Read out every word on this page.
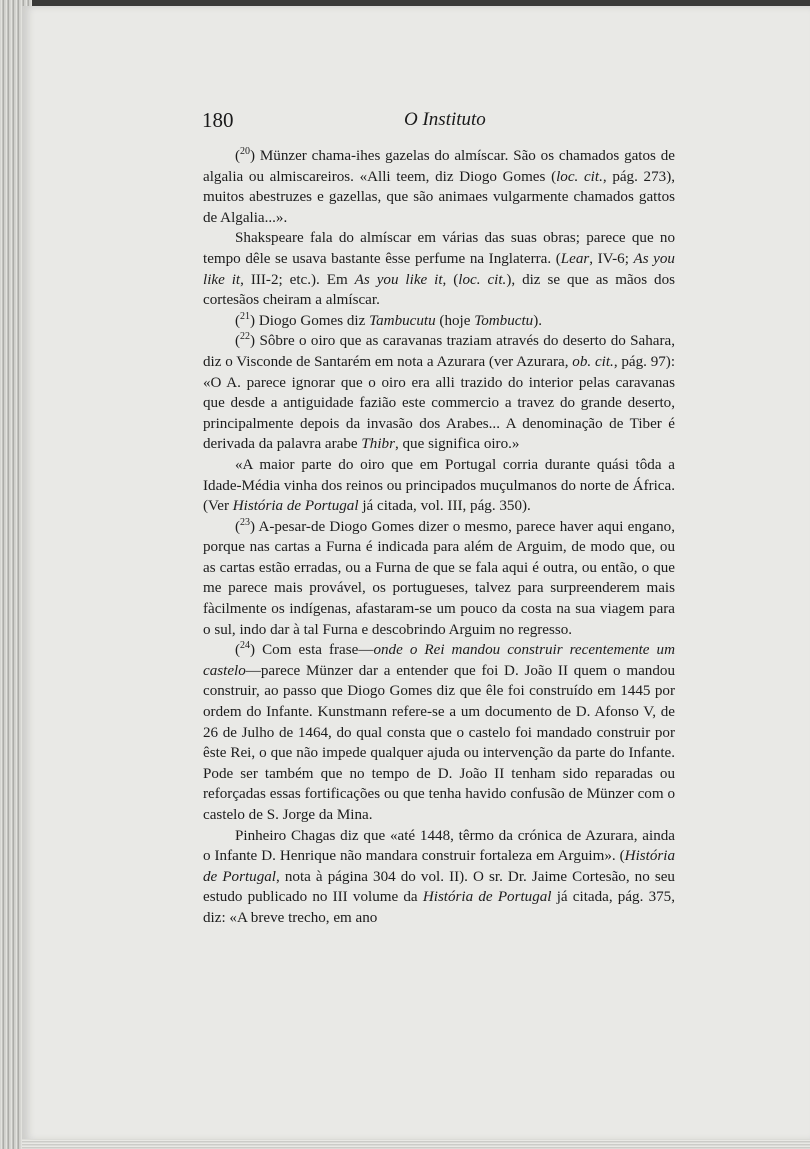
180	O Instituto

($^{20}$) Münzer chama-ihes gazelas do almíscar. São os chamados gatos de algalia ou almiscareiros. «Alli teem, diz Diogo Gomes (loc. cit., pág. 273), muitos abestruzes e gazellas, que são animaes vulgarmente chamados gattos de Algalia...».

Shakspeare fala do almíscar em várias das suas obras; parece que no tempo dêle se usava bastante êsse perfume na Inglaterra. (Lear, IV-6; As you like it, III-2; etc.). Em As you like it, (loc. cit.), diz se que as mãos dos cortesãos cheiram a almíscar.

($^{21}$) Diogo Gomes diz Tambucutu (hoje Tombuctu).

($^{22}$) Sôbre o oiro que as caravanas traziam através do deserto do Sahara, diz o Visconde de Santarém em nota a Azurara (ver Azurara, ob. cit., pág. 97): «O A. parece ignorar que o oiro era alli trazido do interior pelas caravanas que desde a antiguidade fazião este commercio a travez do grande deserto, principalmente depois da invasão dos Arabes... A denominação de Tiber é derivada da palavra arabe Thibr, que significa oiro.»

«A maior parte do oiro que em Portugal corria durante quási tôda a Idade-Média vinha dos reinos ou principados muçulmanos do norte de África. (Ver História de Portugal já citada, vol. III, pág. 350).

($^{23}$) A-pesar-de Diogo Gomes dizer o mesmo, parece haver aqui engano, porque nas cartas a Furna é indicada para além de Arguim, de modo que, ou as cartas estão erradas, ou a Furna de que se fala aqui é outra, ou então, o que me parece mais provável, os portugueses, talvez para surpreenderem mais fàcilmente os indígenas, afastaram-se um pouco da costa na sua viagem para o sul, indo dar à tal Furna e descobrindo Arguim no regresso.

($^{24}$) Com esta frase—onde o Rei mandou construir recentemente um castelo—parece Münzer dar a entender que foi D. João II quem o mandou construir, ao passo que Diogo Gomes diz que êle foi construído em 1445 por ordem do Infante. Kunstmann refere-se a um documento de D. Afonso V, de 26 de Julho de 1464, do qual consta que o castelo foi mandado construir por êste Rei, o que não impede qualquer ajuda ou intervenção da parte do Infante. Pode ser também que no tempo de D. João II tenham sido reparadas ou reforçadas essas fortificações ou que tenha havido confusão de Münzer com o castelo de S. Jorge da Mina.

Pinheiro Chagas diz que «até 1448, têrmo da crónica de Azurara, ainda o Infante D. Henrique não mandara construir fortaleza em Arguim». (História de Portugal, nota à página 304 do vol. II). O sr. Dr. Jaime Cortesão, no seu estudo publicado no III volume da História de Portugal já citada, pág. 375, diz: «A breve trecho, em ano
